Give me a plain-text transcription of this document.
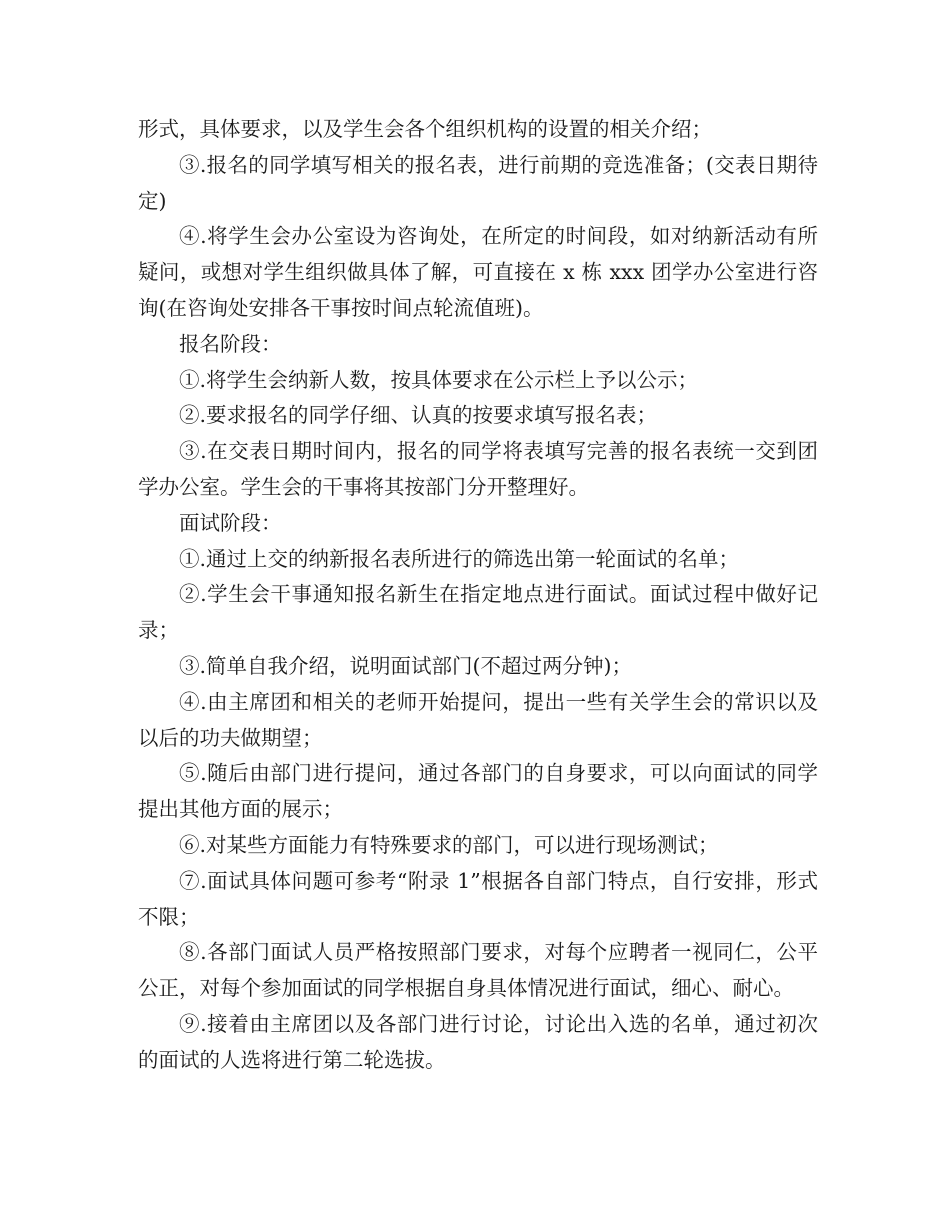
形式，具体要求，以及学生会各个组织机构的设置的相关介绍；

③.报名的同学填写相关的报名表，进行前期的竞选准备；(交表日期待定)

④.将学生会办公室设为咨询处，在所定的时间段，如对纳新活动有所疑问，或想对学生组织做具体了解，可直接在 x 栋 xxx 团学办公室进行咨询(在咨询处安排各干事按时间点轮流值班)。

报名阶段：

①.将学生会纳新人数，按具体要求在公示栏上予以公示；

②.要求报名的同学仔细、认真的按要求填写报名表；

③.在交表日期时间内，报名的同学将表填写完善的报名表统一交到团学办公室。学生会的干事将其按部门分开整理好。

面试阶段：

①.通过上交的纳新报名表所进行的筛选出第一轮面试的名单；

②.学生会干事通知报名新生在指定地点进行面试。面试过程中做好记录；

③.简单自我介绍，说明面试部门(不超过两分钟)；

④.由主席团和相关的老师开始提问，提出一些有关学生会的常识以及以后的功夫做期望；

⑤.随后由部门进行提问，通过各部门的自身要求，可以向面试的同学提出其他方面的展示；

⑥.对某些方面能力有特殊要求的部门，可以进行现场测试；

⑦.面试具体问题可参考“附录 1”根据各自部门特点，自行安排，形式不限；

⑧.各部门面试人员严格按照部门要求，对每个应聘者一视同仁，公平公正，对每个参加面试的同学根据自身具体情况进行面试，细心、耐心。

⑨.接着由主席团以及各部门进行讨论，讨论出入选的名单，通过初次的面试的人选将进行第二轮选拔。
